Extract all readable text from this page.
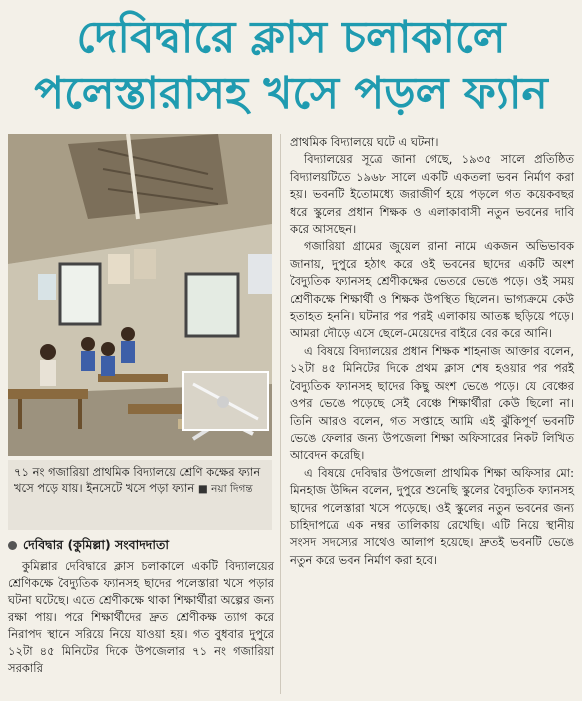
দেবিদ্বারে ক্লাস চলাকালে
পলেস্তারাসহ খসে পড়ল ফ্যান
৭১ নং গজারিয়া প্রাথমিক বিদ্যালয়ে শ্রেণি কক্ষের ফ্যান খসে পড়ে যায়। ইনসেটে খসে পড়া ফ্যান ■ নয়া দিগন্ত
দেবিদ্বার (কুমিল্লা) সংবাদদাতা

কুমিল্লার দেবিদ্বারে ক্লাস চলাকালে একটি বিদ্যালয়ের শ্রেণিকক্ষে বৈদ্যুতিক ফ্যানসহ ছাদের পলেস্তারা খসে পড়ার ঘটনা ঘটেছে। এতে শ্রেণীকক্ষে থাকা শিক্ষার্থীরা অল্পের জন্য রক্ষা পায়। পরে শিক্ষার্থীদের দ্রুত শ্রেণীকক্ষ ত্যাগ করে নিরাপদ স্থানে সরিয়ে নিয়ে যাওয়া হয়। গত বুধবার দুপুরে ১২টা ৪৫ মিনিটের দিকে উপজেলার ৭১ নং গজারিয়া সরকারি

প্রাথমিক বিদ্যালয়ে ঘটে এ ঘটনা।

বিদ্যালয়ের সূত্রে জানা গেছে, ১৯৩৫ সালে প্রতিষ্ঠিত বিদ্যালয়টিতে ১৯৬৮ সালে একটি একতলা ভবন নির্মাণ করা হয়। ভবনটি ইতোমধ্যে জরাজীর্ণ হয়ে পড়লে গত কয়েকবছর ধরে স্কুলের প্রধান শিক্ষক ও এলাকাবাসী নতুন ভবনের দাবি করে আসছেন।

গজারিয়া গ্রামের জুয়েল রানা নামে একজন অভিভাবক জানায়, দুপুরে হঠাৎ করে ওই ভবনের ছাদের একটি অংশ বৈদ্যুতিক ফ্যানসহ শ্রেণীকক্ষের ভেতরে ভেঙে পড়ে। ওই সময় শ্রেণীকক্ষে শিক্ষার্থী ও শিক্ষক উপস্থিত ছিলেন। ভাগ্যক্রমে কেউ হতাহত হননি। ঘটনার পর পরই এলাকায় আতঙ্ক ছড়িয়ে পড়ে। আমরা দৌড়ে এসে ছেলে-মেয়েদের বাইরে বের করে আনি।

এ বিষয়ে বিদ্যালয়ের প্রধান শিক্ষক শাহনাজ আক্তার বলেন, ১২টা ৪৫ মিনিটের দিকে প্রথম ক্লাস শেষ হওয়ার পর পরই বৈদ্যুতিক ফ্যানসহ ছাদের কিছু অংশ ভেঙে পড়ে। যে বেঞ্চের ওপর ভেঙে পড়েছে সেই বেঞ্চে শিক্ষার্থীরা কেউ ছিলো না। তিনি আরও বলেন, গত সপ্তাহে আমি এই ঝুঁকিপূর্ণ ভবনটি ভেঙে ফেলার জন্য উপজেলা শিক্ষা অফিসারের নিকট লিখিত আবেদন করেছি।

এ বিষয়ে দেবিদ্বার উপজেলা প্রাথমিক শিক্ষা অফিসার মো: মিনহাজ উদ্দিন বলেন, দুপুরে শুনেছি স্কুলের বৈদ্যুতিক ফ্যানসহ ছাদের পলেস্তারা খসে পড়েছে। ওই স্কুলের নতুন ভবনের জন্য চাহিদাপত্রে এক নম্বর তালিকায় রেখেছি। এটি নিয়ে স্থানীয় সংসদ সদস্যের সাথেও আলাপ হয়েছে। দ্রুতই ভবনটি ভেঙে নতুন করে ভবন নির্মাণ করা হবে।
